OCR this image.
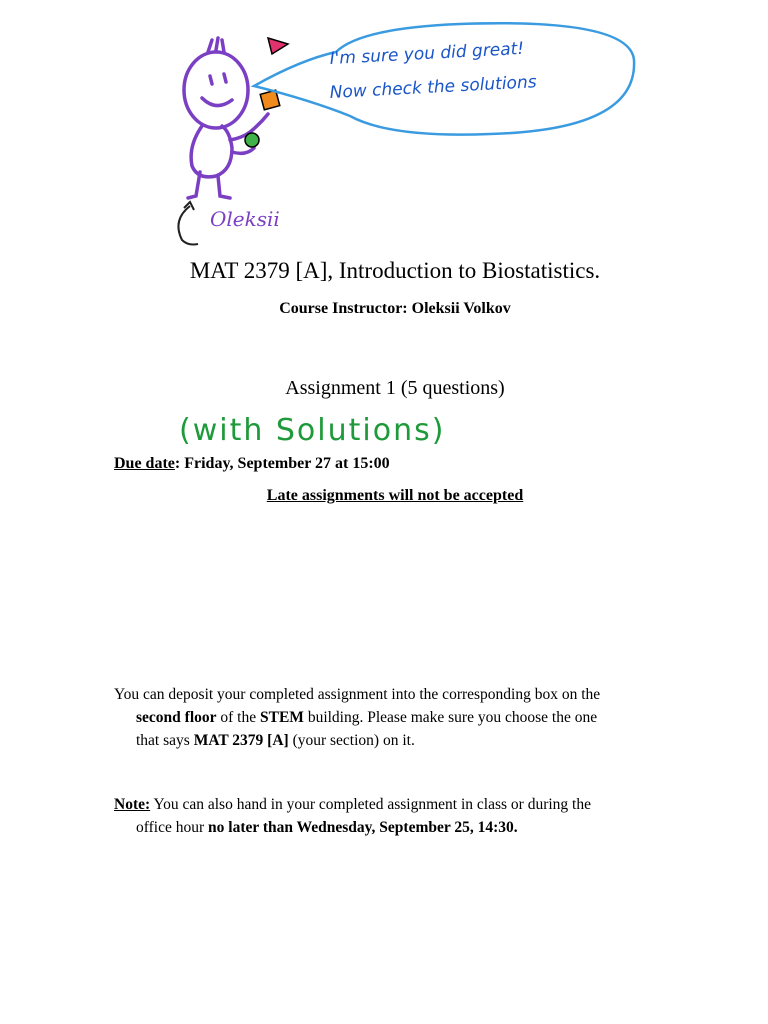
Oleksii
I'm sure you did great!
Now check the solutions
MAT 2379 [A], Introduction to Biostatistics.
Course Instructor: Oleksii Volkov
Assignment 1 (5 questions)
(with Solutions)
Due date: Friday, September 27 at 15:00
Late assignments will not be accepted
You can deposit your completed assignment into the corresponding box on the
second floor of the STEM building. Please make sure you choose the one
that says MAT 2379 [A] (your section) on it.
Note: You can also hand in your completed assignment in class or during the
office hour no later than Wednesday, September 25, 14:30.
